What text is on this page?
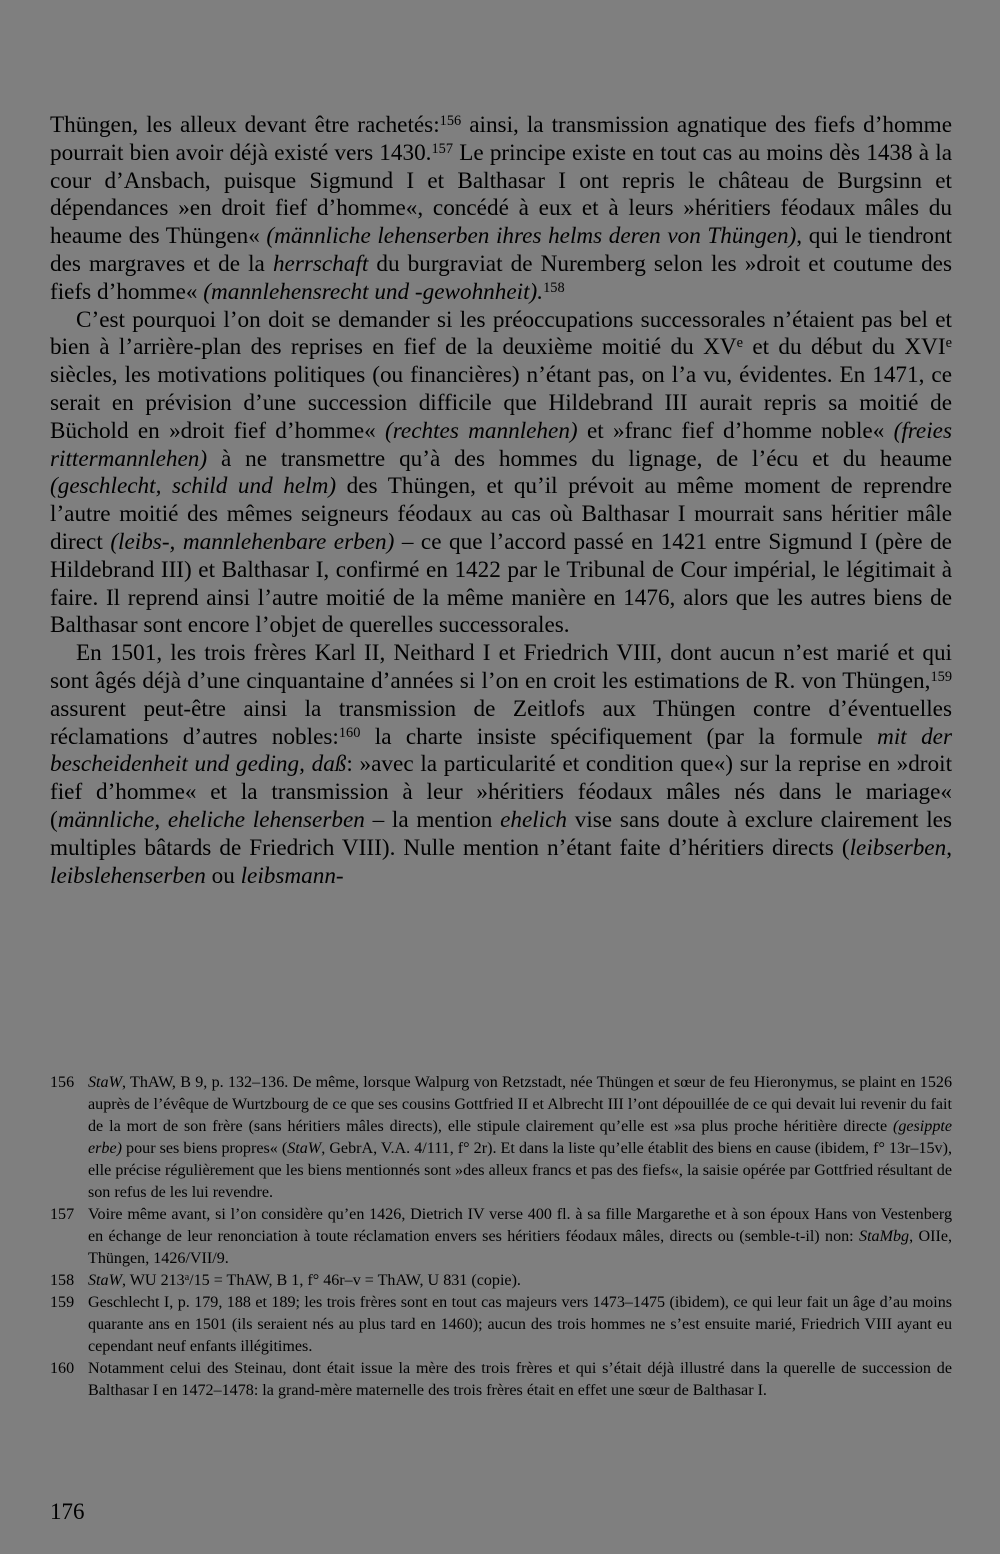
Thüngen, les alleux devant être rachetés:$^{156}$ ainsi, la transmission agnatique des fiefs d’homme pourrait bien avoir déjà existé vers 1430.$^{157}$ Le principe existe en tout cas au moins dès 1438 à la cour d’Ansbach, puisque Sigmund I et Balthasar I ont repris le château de Burgsinn et dépendances »en droit fief d’homme«, concédé à eux et à leurs »héritiers féodaux mâles du heaume des Thüngen« (männliche lehenserben ihres helms deren von Thüngen), qui le tiendront des margraves et de la herrschaft du burgraviat de Nuremberg selon les »droit et coutume des fiefs d’homme« (mannlehensrecht und -gewohnheit).$^{158}$

C’est pourquoi l’on doit se demander si les préoccupations successorales n’étaient pas bel et bien à l’arrière-plan des reprises en fief de la deuxième moitié du XVe et du début du XVIe siècles, les motivations politiques (ou financières) n’étant pas, on l’a vu, évidentes. En 1471, ce serait en prévision d’une succession difficile que Hildebrand III aurait repris sa moitié de Büchold en »droit fief d’homme« (rechtes mannlehen) et »franc fief d’homme noble« (freies rittermannlehen) à ne transmettre qu’à des hommes du lignage, de l’écu et du heaume (geschlecht, schild und helm) des Thüngen, et qu’il prévoit au même moment de reprendre l’autre moitié des mêmes seigneurs féodaux au cas où Balthasar I mourrait sans héritier mâle direct (leibs-, mannlehenbare erben) – ce que l’accord passé en 1421 entre Sigmund I (père de Hildebrand III) et Balthasar I, confirmé en 1422 par le Tribunal de Cour impérial, le légitimait à faire. Il reprend ainsi l’autre moitié de la même manière en 1476, alors que les autres biens de Balthasar sont encore l’objet de querelles successorales.

En 1501, les trois frères Karl II, Neithard I et Friedrich VIII, dont aucun n’est marié et qui sont âgés déjà d’une cinquantaine d’années si l’on en croit les estimations de R. von Thüngen,$^{159}$ assurent peut-être ainsi la transmission de Zeitlofs aux Thüngen contre d’éventuelles réclamations d’autres nobles:$^{160}$ la charte insiste spécifiquement (par la formule mit der bescheidenheit und geding, daß: »avec la particularité et condition que«) sur la reprise en »droit fief d’homme« et la transmission à leur »héritiers féodaux mâles nés dans le mariage« (männliche, eheliche lehenserben – la mention ehelich vise sans doute à exclure clairement les multiples bâtards de Friedrich VIII). Nulle mention n’étant faite d’héritiers directs (leibserben, leibslehenserben ou leibsmann-

156 StaW, ThAW, B 9, p. 132–136. De même, lorsque Walpurg von Retzstadt, née Thüngen et sœur de feu Hieronymus, se plaint en 1526 auprès de l’évêque de Wurtzbourg de ce que ses cousins Gottfried II et Albrecht III l’ont dépouillée de ce qui devait lui revenir du fait de la mort de son frère (sans héritiers mâles directs), elle stipule clairement qu’elle est »sa plus proche héritière directe (gesippte erbe) pour ses biens propres« (StaW, GebrA, V.A. 4/111, f° 2r). Et dans la liste qu’elle établit des biens en cause (ibidem, f° 13r–15v), elle précise régulièrement que les biens mentionnés sont »des alleux francs et pas des fiefs«, la saisie opérée par Gottfried résultant de son refus de les lui revendre.
157 Voire même avant, si l’on considère qu’en 1426, Dietrich IV verse 400 fl. à sa fille Margarethe et à son époux Hans von Vestenberg en échange de leur renonciation à toute réclamation envers ses héritiers féodaux mâles, directs ou (semble-t-il) non: StaMbg, OIIe, Thüngen, 1426/VII/9.
158 StaW, WU $213^a/15$ = ThAW, B 1, f° 46r–v = ThAW, U 831 (copie).
159 Geschlecht I, p. 179, 188 et 189; les trois frères sont en tout cas majeurs vers 1473–1475 (ibidem), ce qui leur fait un âge d’au moins quarante ans en 1501 (ils seraient nés au plus tard en 1460); aucun des trois hommes ne s’est ensuite marié, Friedrich VIII ayant eu cependant neuf enfants illégitimes.
160 Notamment celui des Steinau, dont était issue la mère des trois frères et qui s’était déjà illustré dans la querelle de succession de Balthasar I en 1472–1478: la grand-mère maternelle des trois frères était en effet une sœur de Balthasar I.
176
